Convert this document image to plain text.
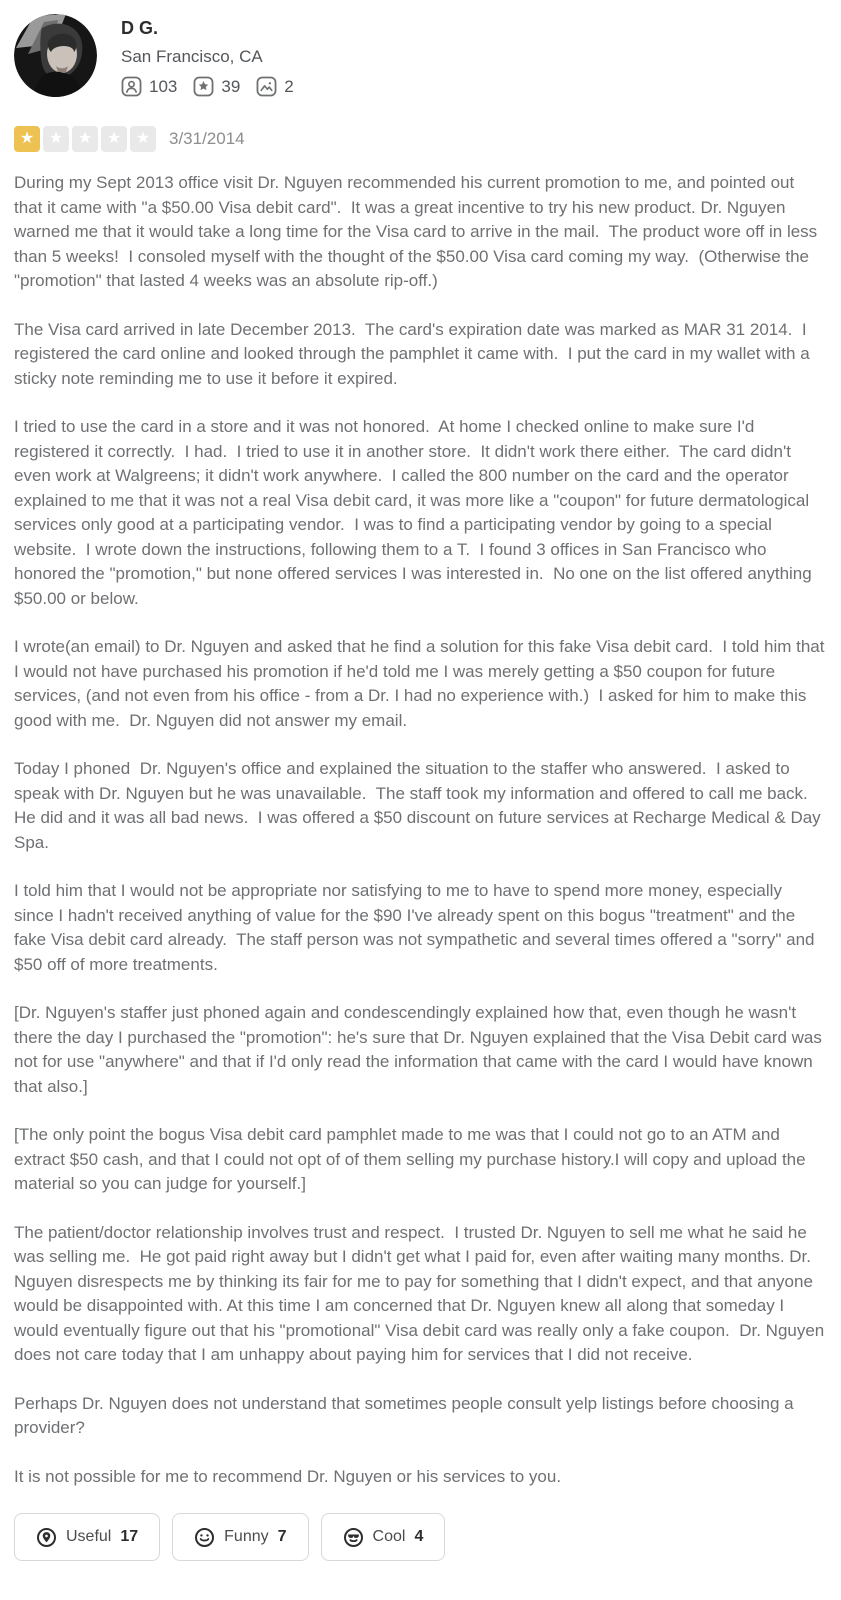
D G.
San Francisco, CA
103	39	2
★ ★ ★ ★ ★	3/31/2014

During my Sept 2013 office visit Dr. Nguyen recommended his current promotion to me, and pointed out that it came with "a $50.00 Visa debit card".  It was a great incentive to try his new product. Dr. Nguyen warned me that it would take a long time for the Visa card to arrive in the mail.  The product wore off in less than 5 weeks!  I consoled myself with the thought of the $50.00 Visa card coming my way.  (Otherwise the "promotion" that lasted 4 weeks was an absolute rip-off.)

The Visa card arrived in late December 2013.  The card's expiration date was marked as MAR 31 2014.  I registered the card online and looked through the pamphlet it came with.  I put the card in my wallet with a sticky note reminding me to use it before it expired.

I tried to use the card in a store and it was not honored.  At home I checked online to make sure I'd registered it correctly.  I had.  I tried to use it in another store.  It didn't work there either.  The card didn't even work at Walgreens; it didn't work anywhere.  I called the 800 number on the card and the operator explained to me that it was not a real Visa debit card, it was more like a "coupon" for future dermatological services only good at a participating vendor.  I was to find a participating vendor by going to a special website.  I wrote down the instructions, following them to a T.  I found 3 offices in San Francisco who honored the "promotion," but none offered services I was interested in.  No one on the list offered anything  $50.00 or below.

I wrote(an email) to Dr. Nguyen and asked that he find a solution for this fake Visa debit card.  I told him that I would not have purchased his promotion if he'd told me I was merely getting a $50 coupon for future services, (and not even from his office - from a Dr. I had no experience with.)  I asked for him to make this good with me.  Dr. Nguyen did not answer my email.

Today I phoned  Dr. Nguyen's office and explained the situation to the staffer who answered.  I asked to speak with Dr. Nguyen but he was unavailable.  The staff took my information and offered to call me back.  He did and it was all bad news.  I was offered a $50 discount on future services at Recharge Medical & Day Spa.

I told him that I would not be appropriate nor satisfying to me to have to spend more money, especially since I hadn't received anything of value for the $90 I've already spent on this bogus "treatment" and the fake Visa debit card already.  The staff person was not sympathetic and several times offered a "sorry" and $50 off of more treatments.

[Dr. Nguyen's staffer just phoned again and condescendingly explained how that, even though he wasn't there the day I purchased the "promotion": he's sure that Dr. Nguyen explained that the Visa Debit card was not for use "anywhere" and that if I'd only read the information that came with the card I would have known that also.]

[The only point the bogus Visa debit card pamphlet made to me was that I could not go to an ATM and extract $50 cash, and that I could not opt of of them selling my purchase history.I will copy and upload the material so you can judge for yourself.]

The patient/doctor relationship involves trust and respect.  I trusted Dr. Nguyen to sell me what he said he was selling me.  He got paid right away but I didn't get what I paid for, even after waiting many months. Dr. Nguyen disrespects me by thinking its fair for me to pay for something that I didn't expect, and that anyone would be disappointed with. At this time I am concerned that Dr. Nguyen knew all along that someday I would eventually figure out that his "promotional" Visa debit card was really only a fake coupon.  Dr. Nguyen does not care today that I am unhappy about paying him for services that I did not receive.

Perhaps Dr. Nguyen does not understand that sometimes people consult yelp listings before choosing a provider?

It is not possible for me to recommend Dr. Nguyen or his services to you.

Useful 17	Funny 7	Cool 4
